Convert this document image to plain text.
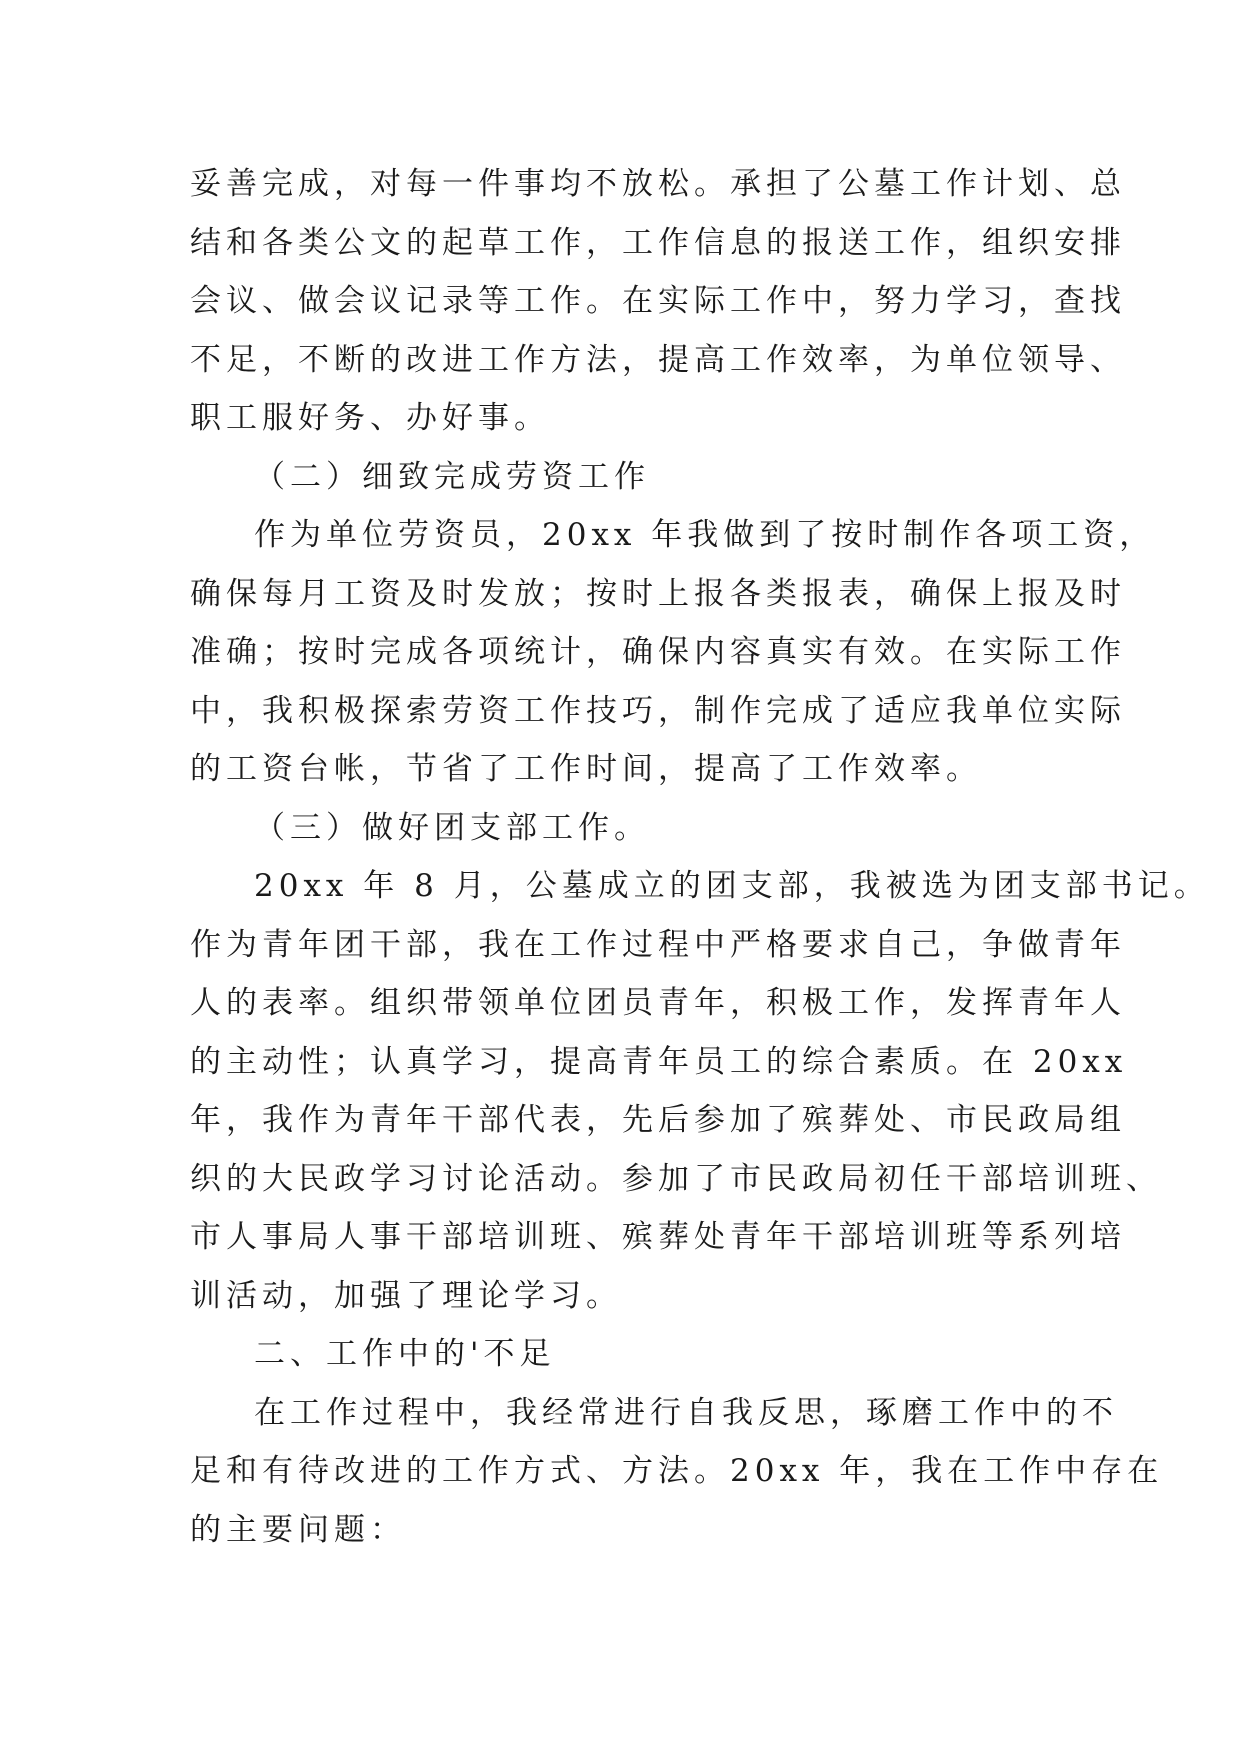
妥善完成，对每一件事均不放松。承担了公墓工作计划、总
结和各类公文的起草工作，工作信息的报送工作，组织安排
会议、做会议记录等工作。在实际工作中，努力学习，查找
不足，不断的改进工作方法，提高工作效率，为单位领导、
职工服好务、办好事。
（二）细致完成劳资工作
作为单位劳资员，20xx 年我做到了按时制作各项工资，
确保每月工资及时发放；按时上报各类报表，确保上报及时
准确；按时完成各项统计，确保内容真实有效。在实际工作
中，我积极探索劳资工作技巧，制作完成了适应我单位实际
的工资台帐，节省了工作时间，提高了工作效率。
（三）做好团支部工作。
20xx 年 8 月，公墓成立的团支部，我被选为团支部书记。
作为青年团干部，我在工作过程中严格要求自己，争做青年
人的表率。组织带领单位团员青年，积极工作，发挥青年人
的主动性；认真学习，提高青年员工的综合素质。在 20xx
年，我作为青年干部代表，先后参加了殡葬处、市民政局组
织的大民政学习讨论活动。参加了市民政局初任干部培训班、
市人事局人事干部培训班、殡葬处青年干部培训班等系列培
训活动，加强了理论学习。
二、工作中的'不足
在工作过程中，我经常进行自我反思，琢磨工作中的不
足和有待改进的工作方式、方法。20xx 年，我在工作中存在
的主要问题：
